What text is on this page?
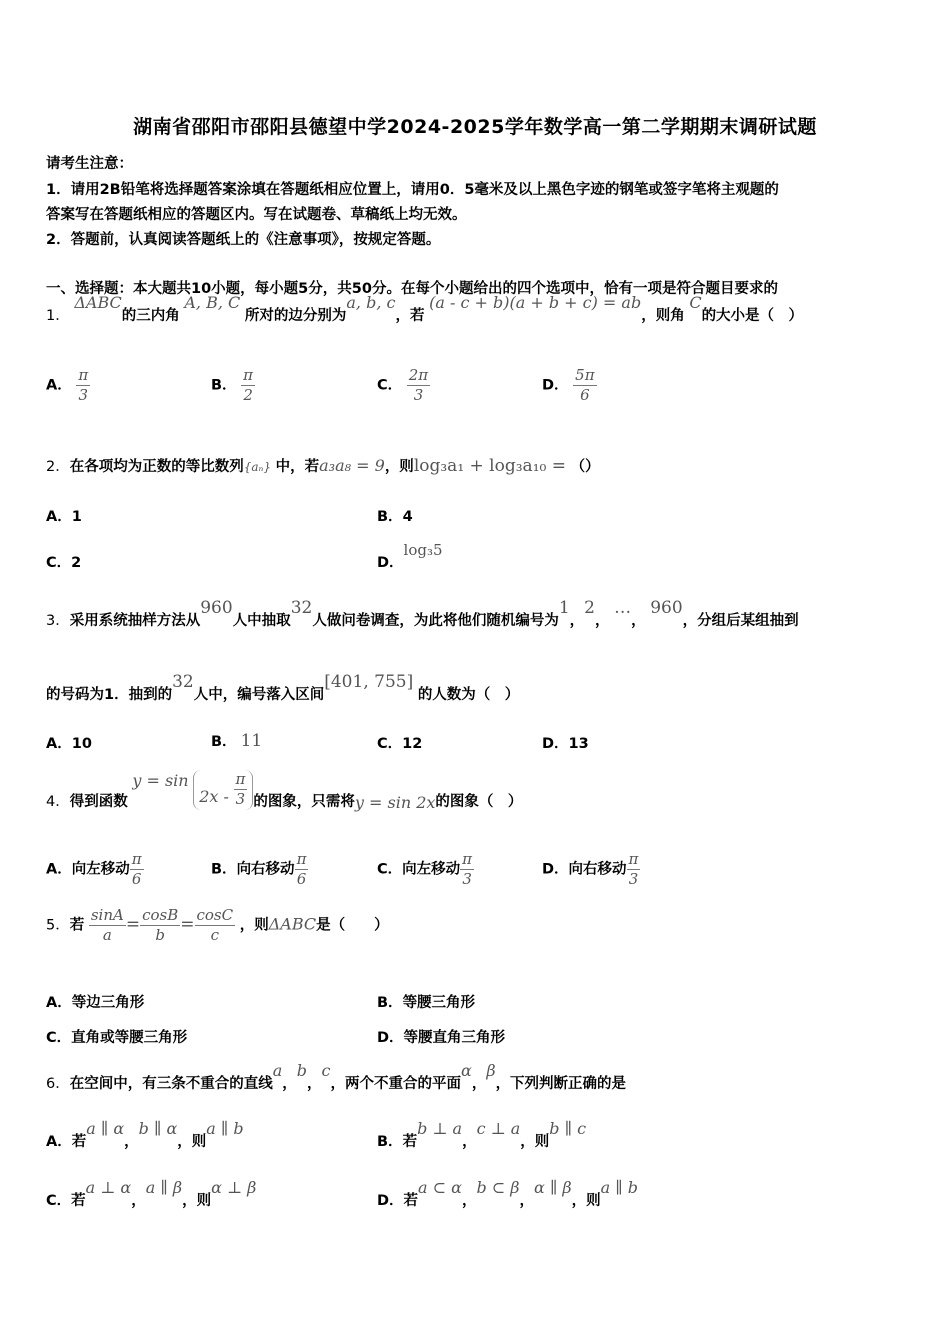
湖南省邵阳市邵阳县德望中学2024-2025学年数学高一第二学期期末调研试题
请考生注意：
1．请用2B铅笔将选择题答案涂填在答题纸相应位置上，请用0．5毫米及以上黑色字迹的钢笔或签字笔将主观题的
答案写在答题纸相应的答题区内。写在试题卷、草稿纸上均无效。
2．答题前，认真阅读答题纸上的《注意事项》，按规定答题。
一、选择题：本大题共10小题，每小题5分，共50分。在每个小题给出的四个选项中，恰有一项是符合题目要求的
1． ΔABC的三内角 A, B, C 所对的边分别为a, b, c，若 (a - c + b)(a + b + c) = ab，则角 C的大小是（　）
A． $\frac{\pi}{3}$	B． $\frac{\pi}{2}$	C． $\frac{2\pi}{3}$	D． $\frac{5\pi}{6}$
2．在各项均为正数的等比数列{aₙ} 中，若a₃a₈ = 9，则log₃a₁ + log₃a₁₀ = （）
A．1	B．4
C．2	D．log₃5
3．采用系统抽样方法从960人中抽取32人做问卷调查，为此将他们随机编号为1，2， …， 960，分组后某组抽到
的号码为1．抽到的32人中，编号落入区间[401, 755] 的人数为（　）
A．10	B． 11	C．12	D．13
4．得到函数 $y = \sin 2x - \frac{\pi}{3}$ 的图象，只需将y = sin 2x的图象（　）
A．向左移动 $\frac{\pi}{6}$	B．向右移动 $\frac{\pi}{6}$	C．向左移动 $\frac{\pi}{3}$	D．向右移动 $\frac{\pi}{3}$
5．若 $\frac{\sin A}{a} = \frac{\cos B}{b} = \frac{\cos C}{c}$ ，则ΔABC是（　　）
A．等边三角形	B．等腰三角形
C．直角或等腰三角形	D．等腰直角三角形
6．在空间中，有三条不重合的直线a，b，c，两个不重合的平面α，β，下列判断正确的是
A．若a ∥ α，b ∥ α，则a ∥ b
B．若b ⊥ a，c ⊥ a，则b ∥ c
C．若a ⊥ α，a ∥ β，则α ⊥ β
D．若a ⊂ α，b ⊂ β，α ∥ β，则a ∥ b
